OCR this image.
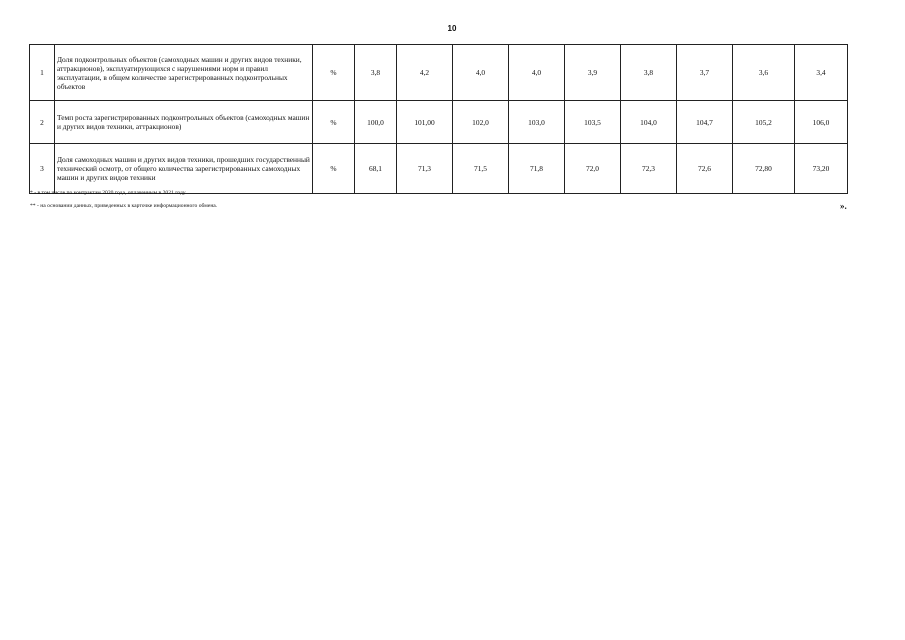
10
1	Доля подконтрольных объектов (самоходных машин и других видов техники, аттракционов), эксплуатирующихся с нарушениями норм и правил эксплуатации, в общем количестве зарегистрированных подконтрольных объектов	%	3,8	4,2	4,0	4,0	3,9	3,8	3,7	3,6	3,4
2	Темп роста зарегистрированных подконтрольных объектов (самоходных машин и других видов техники, аттракционов)	%	100,0	101,00	102,0	103,0	103,5	104,0	104,7	105,2	106,0
3	Доля самоходных машин и других видов техники, прошедших государственный технический осмотр, от общего количества зарегистрированных самоходных машин и других видов техники	%	68,1	71,3	71,5	71,8	72,0	72,3	72,6	72,80	73,20
* - в том числе по контрактам 2020 года, оплаченным в 2021 году
** - на основании данных, приведенных в карточке информационного обмена.	».
